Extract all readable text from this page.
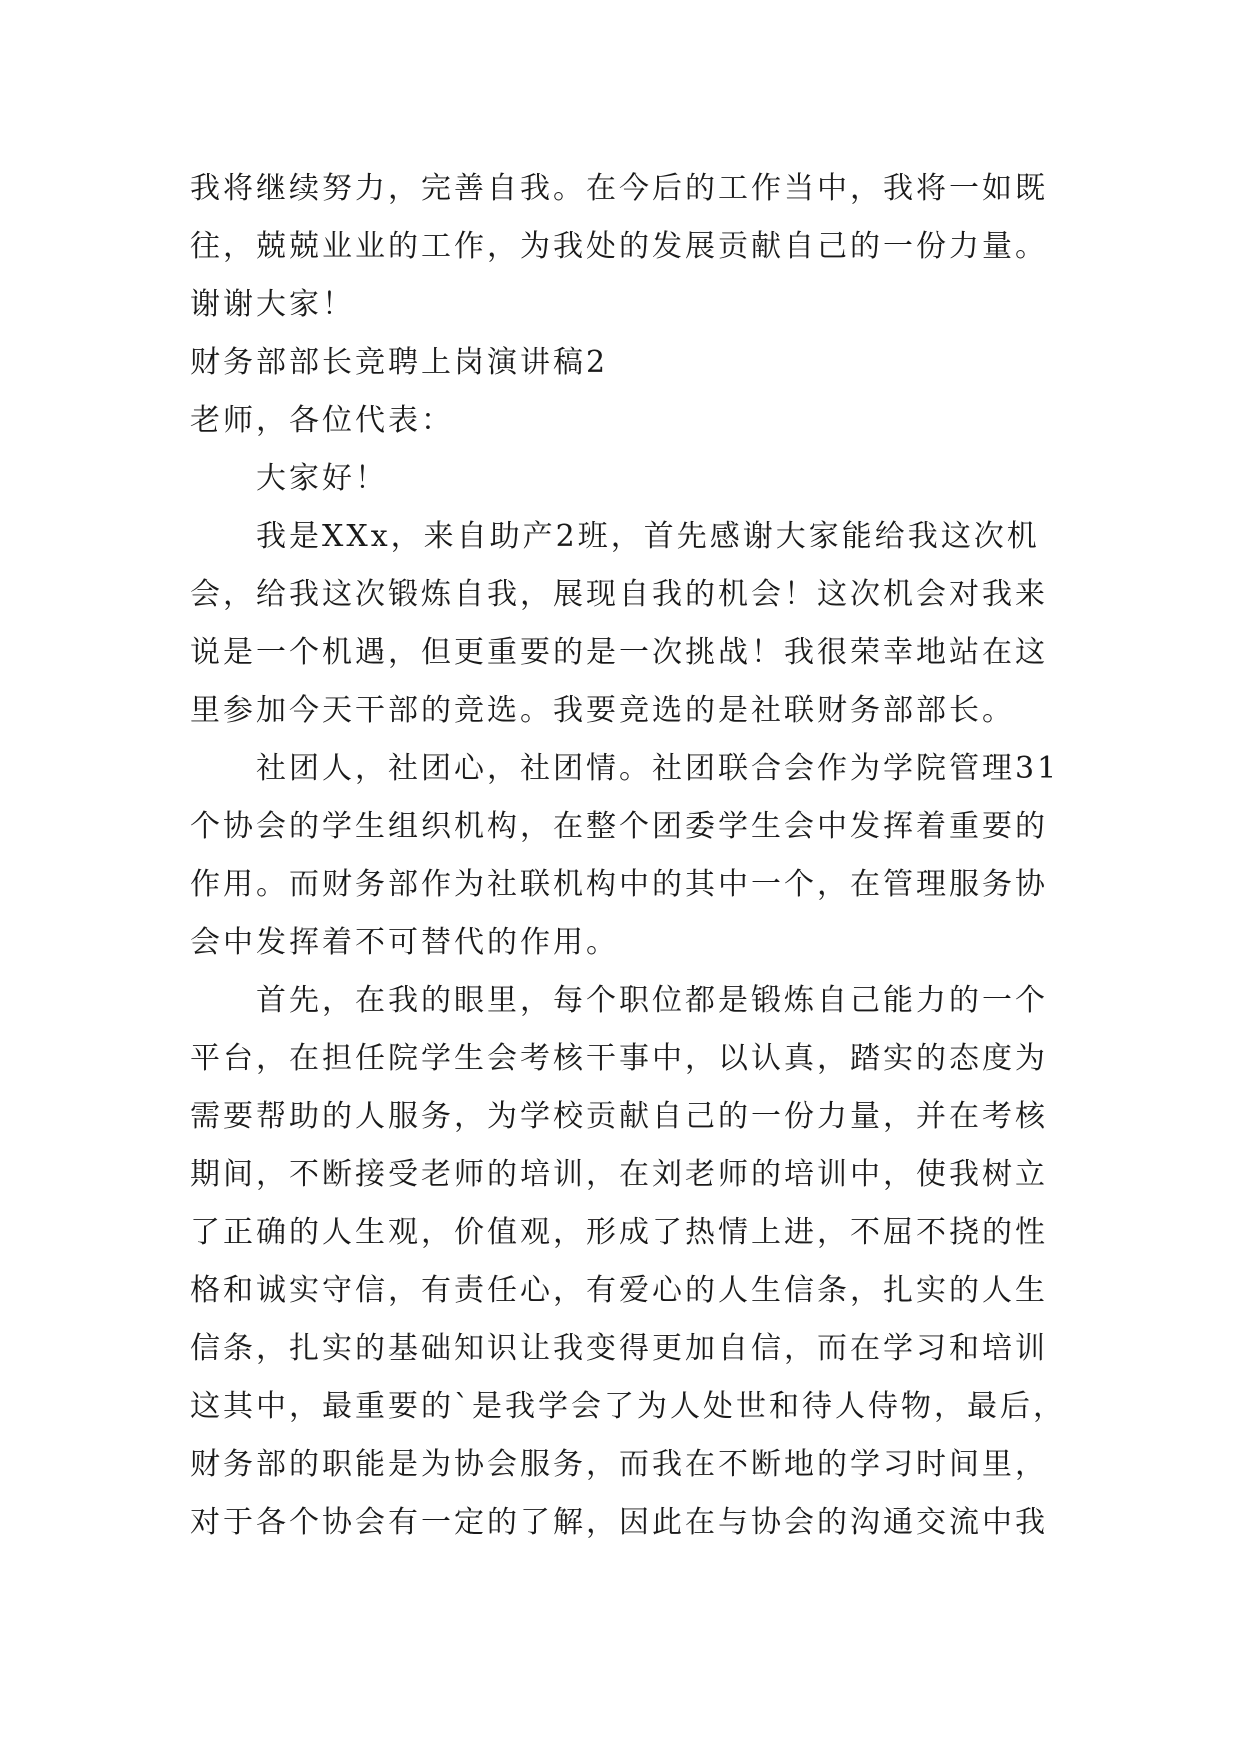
我将继续努力，完善自我。在今后的工作当中，我将一如既
往，兢兢业业的工作，为我处的发展贡献自己的一份力量。
谢谢大家！
财务部部长竞聘上岗演讲稿2
老师，各位代表：
大家好！
我是XXx，来自助产2班，首先感谢大家能给我这次机
会，给我这次锻炼自我，展现自我的机会！这次机会对我来
说是一个机遇，但更重要的是一次挑战！我很荣幸地站在这
里参加今天干部的竞选。我要竞选的是社联财务部部长。
社团人，社团心，社团情。社团联合会作为学院管理31
个协会的学生组织机构，在整个团委学生会中发挥着重要的
作用。而财务部作为社联机构中的其中一个，在管理服务协
会中发挥着不可替代的作用。
首先，在我的眼里，每个职位都是锻炼自己能力的一个
平台，在担任院学生会考核干事中，以认真，踏实的态度为
需要帮助的人服务，为学校贡献自己的一份力量，并在考核
期间，不断接受老师的培训，在刘老师的培训中，使我树立
了正确的人生观，价值观，形成了热情上进，不屈不挠的性
格和诚实守信，有责任心，有爱心的人生信条，扎实的人生
信条，扎实的基础知识让我变得更加自信，而在学习和培训
这其中，最重要的`是我学会了为人处世和待人侍物，最后，
财务部的职能是为协会服务，而我在不断地的学习时间里，
对于各个协会有一定的了解，因此在与协会的沟通交流中我
